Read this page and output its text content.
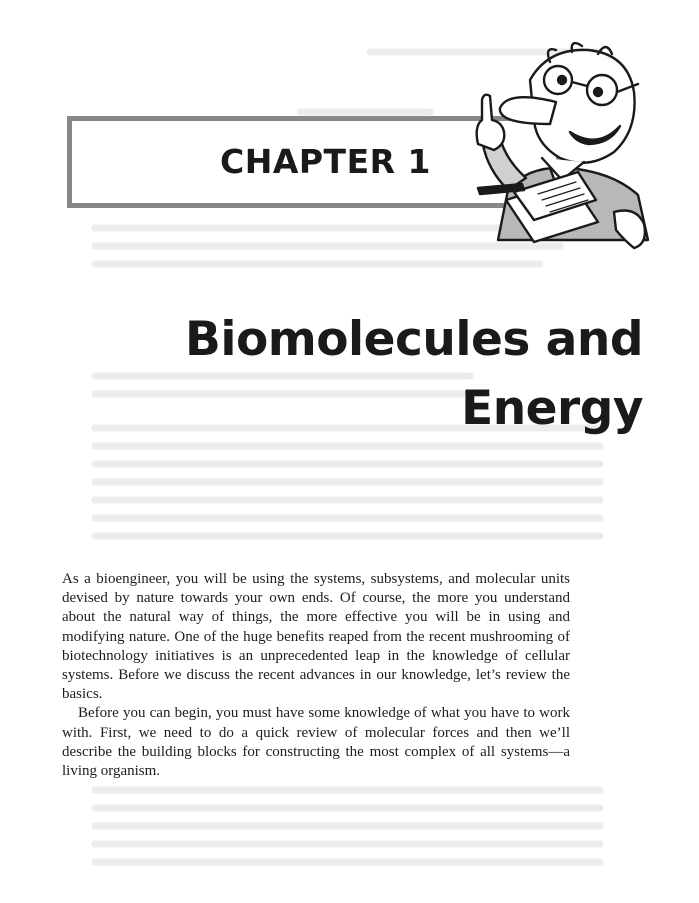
CHAPTER 1
Biomolecules and
Energy

As a bioengineer, you will be using the systems, subsystems, and molecular units devised by nature towards your own ends. Of course, the more you understand about the natural way of things, the more effective you will be in using and modifying nature. One of the huge benefits reaped from the recent mushrooming of biotechnology initiatives is an unprecedented leap in the knowledge of cellular systems. Before we discuss the recent advances in our knowledge, let’s review the basics.

Before you can begin, you must have some knowledge of what you have to work with. First, we need to do a quick review of molecular forces and then we’ll describe the building blocks for constructing the most complex of all systems—a living organism.
